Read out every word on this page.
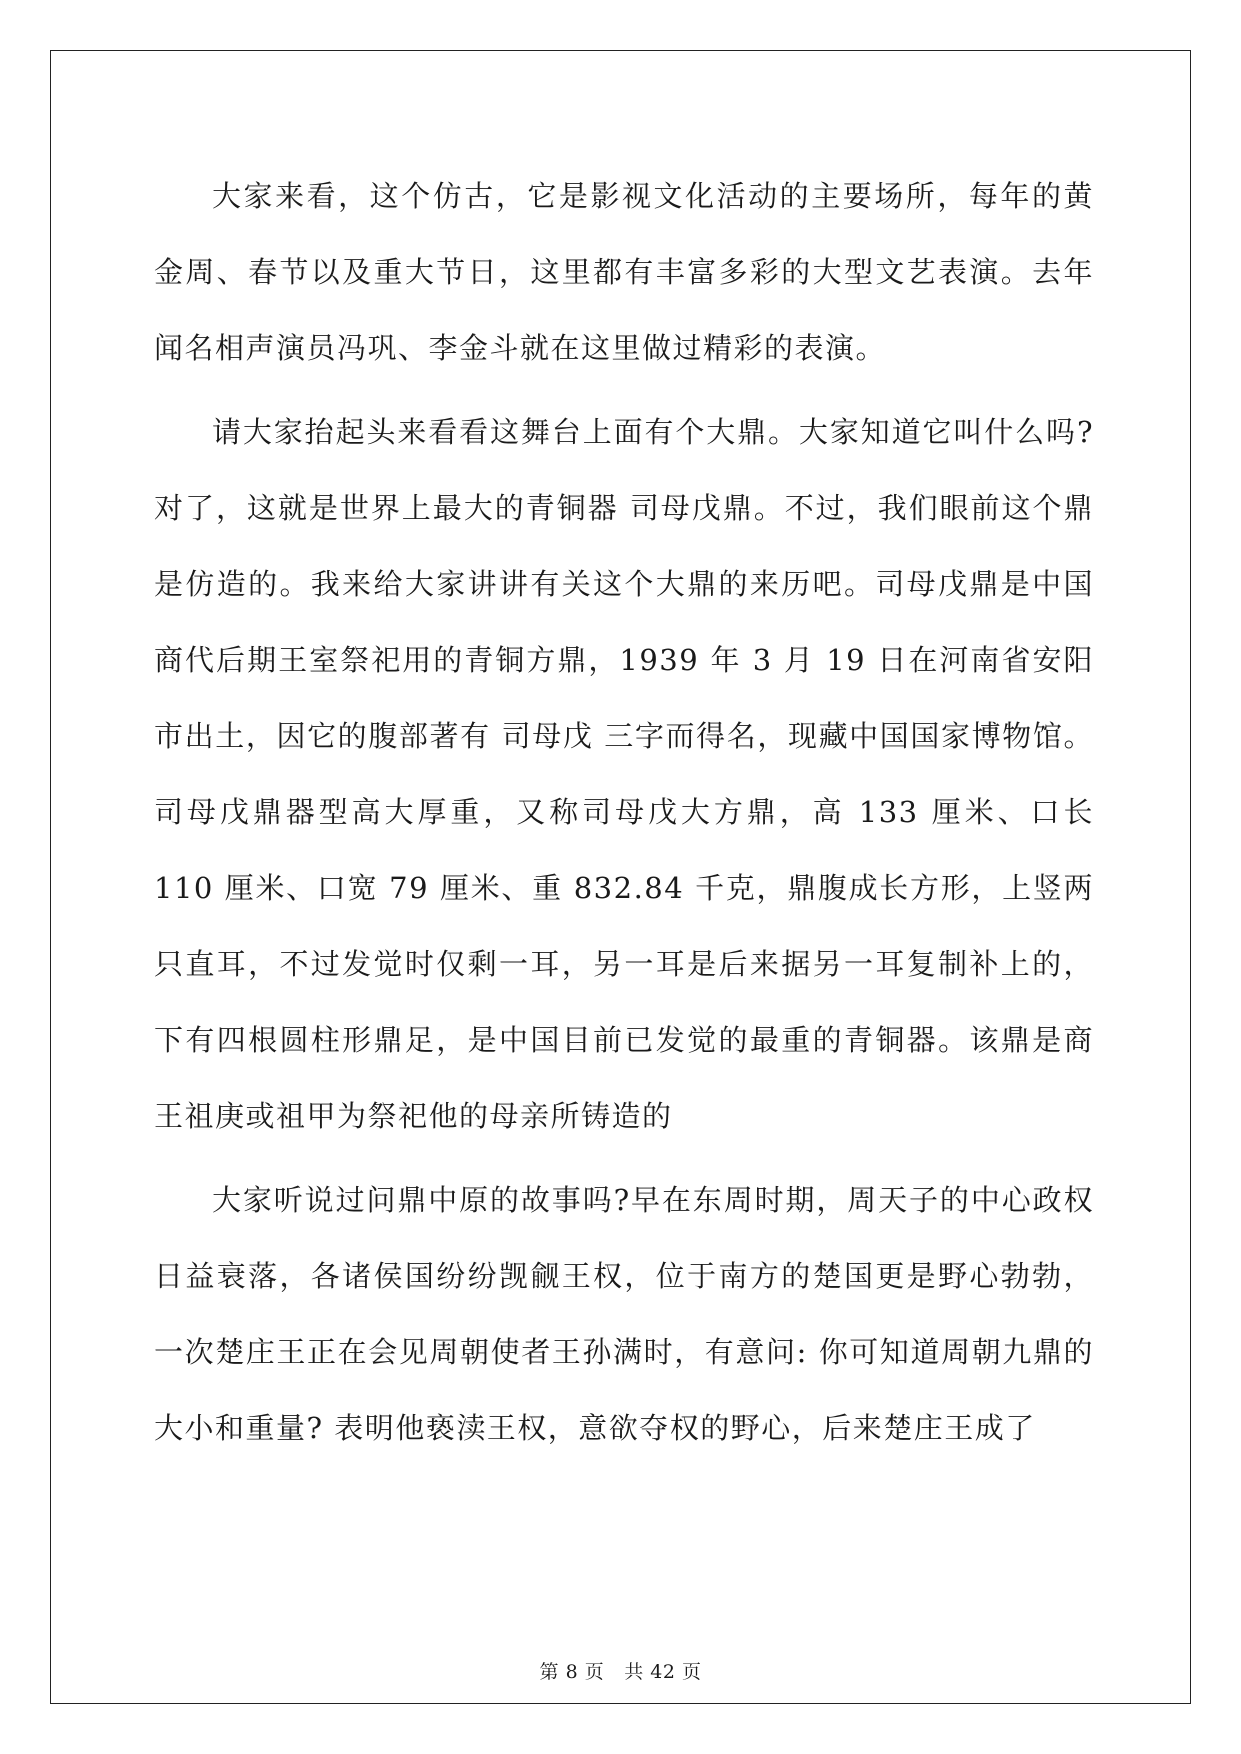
大家来看，这个仿古，它是影视文化活动的主要场所，每年的黄金周、春节以及重大节日，这里都有丰富多彩的大型文艺表演。去年闻名相声演员冯巩、李金斗就在这里做过精彩的表演。

请大家抬起头来看看这舞台上面有个大鼎。大家知道它叫什么吗?对了，这就是世界上最大的青铜器 司母戊鼎。不过，我们眼前这个鼎是仿造的。我来给大家讲讲有关这个大鼎的来历吧。司母戊鼎是中国商代后期王室祭祀用的青铜方鼎，1939 年 3 月 19 日在河南省安阳市出土，因它的腹部著有 司母戊 三字而得名，现藏中国国家博物馆。司母戊鼎器型高大厚重，又称司母戊大方鼎，高 133 厘米、口长 110 厘米、口宽 79 厘米、重 832.84 千克，鼎腹成长方形，上竖两只直耳，不过发觉时仅剩一耳，另一耳是后来据另一耳复制补上的，下有四根圆柱形鼎足，是中国目前已发觉的最重的青铜器。该鼎是商王祖庚或祖甲为祭祀他的母亲所铸造的

大家听说过问鼎中原的故事吗?早在东周时期，周天子的中心政权日益衰落，各诸侯国纷纷觊觎王权，位于南方的楚国更是野心勃勃，一次楚庄王正在会见周朝使者王孙满时，有意问: 你可知道周朝九鼎的大小和重量? 表明他亵渎王权，意欲夺权的野心，后来楚庄王成了

第 8 页 共 42 页
